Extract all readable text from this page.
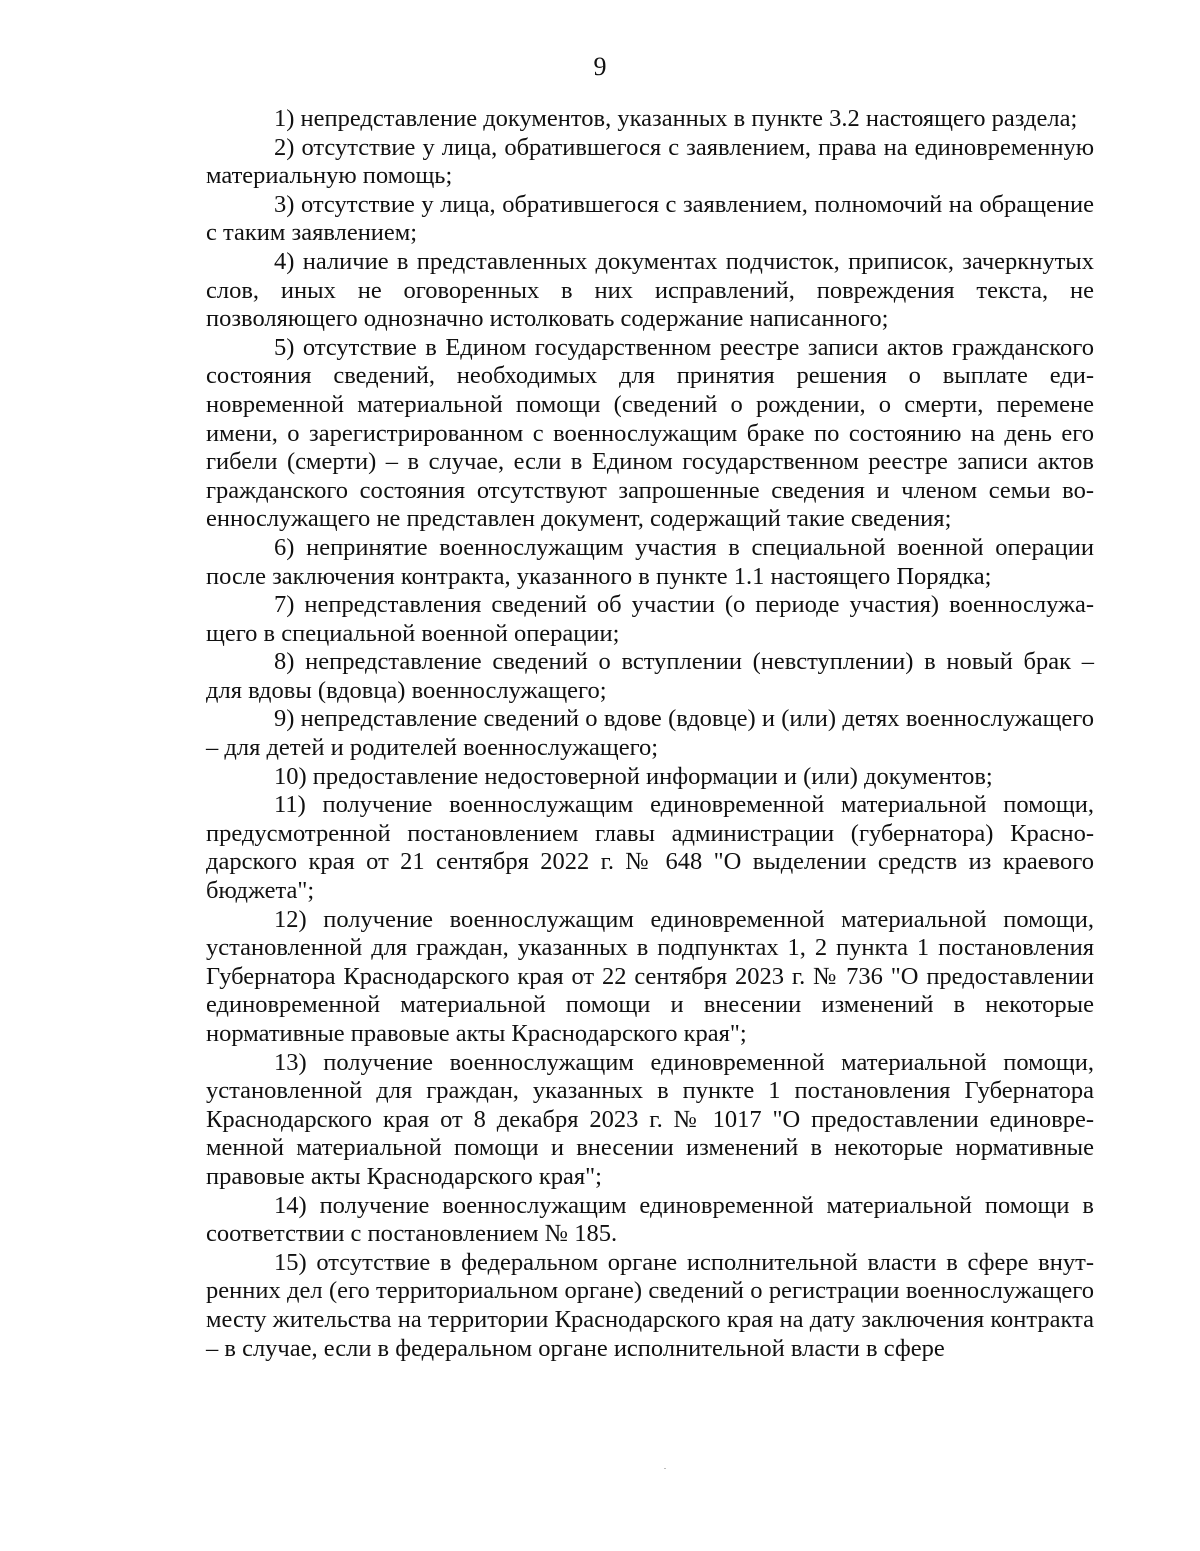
9

1) непредставление документов, указанных в пункте 3.2 настоящего раздела;

2) отсутствие у лица, обратившегося с заявлением, права на единовременную материальную помощь;

3) отсутствие у лица, обратившегося с заявлением, полномочий на обращение с таким заявлением;

4) наличие в представленных документах подчисток, приписок, зачеркнутых слов, иных не оговоренных в них исправлений, повреждения текста, не позволяющего однозначно истолковать содержание написанного;

5) отсутствие в Едином государственном реестре записи актов гражданского состояния сведений, необходимых для принятия решения о выплате единовременной материальной помощи (сведений о рождении, о смерти, перемене имени, о зарегистрированном с военнослужащим браке по состоянию на день его гибели (смерти) – в случае, если в Едином государственном реестре записи актов гражданского состояния отсутствуют запрошенные сведения и членом семьи военнослужащего не представлен документ, содержащий такие сведения;

6) непринятие военнослужащим участия в специальной военной операции после заключения контракта, указанного в пункте 1.1 настоящего Порядка;

7) непредставления сведений об участии (о периоде участия) военнослужащего в специальной военной операции;

8) непредставление сведений о вступлении (невступлении) в новый брак – для вдовы (вдовца) военнослужащего;

9) непредставление сведений о вдове (вдовце) и (или) детях военнослужащего – для детей и родителей военнослужащего;

10) предоставление недостоверной информации и (или) документов;

11) получение военнослужащим единовременной материальной помощи, предусмотренной постановлением главы администрации (губернатора) Краснодарского края от 21 сентября 2022 г. № 648 "О выделении средств из краевого бюджета";

12) получение военнослужащим единовременной материальной помощи, установленной для граждан, указанных в подпунктах 1, 2 пункта 1 постановления Губернатора Краснодарского края от 22 сентября 2023 г. № 736 "О предоставлении единовременной материальной помощи и внесении изменений в некоторые нормативные правовые акты Краснодарского края";

13) получение военнослужащим единовременной материальной помощи, установленной для граждан, указанных в пункте 1 постановления Губернатора Краснодарского края от 8 декабря 2023 г. № 1017 "О предоставлении единовременной материальной помощи и внесении изменений в некоторые нормативные правовые акты Краснодарского края";

14) получение военнослужащим единовременной материальной помощи в соответствии с постановлением № 185.

15) отсутствие в федеральном органе исполнительной власти в сфере внутренних дел (его территориальном органе) сведений о регистрации военнослужащего месту жительства на территории Краснодарского края на дату заключения контракта – в случае, если в федеральном органе исполнительной власти в сфере
